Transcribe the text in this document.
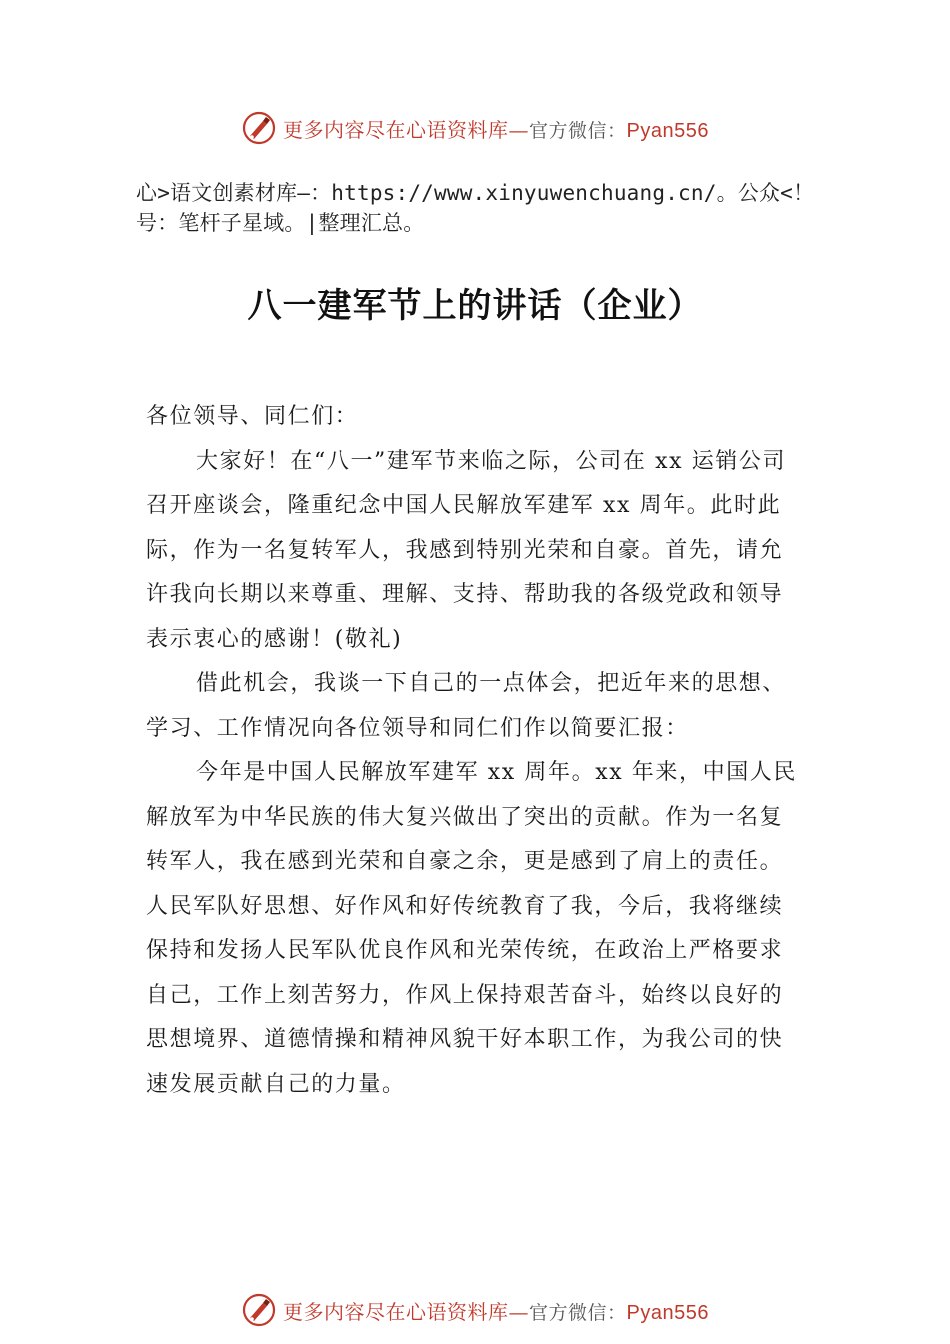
更多内容尽在心语资料库—官方微信：Pyan556
心>语文创素材库—：https://www.xinyuwenchuang.cn/。公众<！号：笔杆子星域。|整理汇总。
八一建军节上的讲话（企业）

各位领导、同仁们：

大家好！在“八一”建军节来临之际，公司在 xx 运销公司召开座谈会，隆重纪念中国人民解放军建军 xx 周年。此时此际，作为一名复转军人，我感到特别光荣和自豪。首先，请允许我向长期以来尊重、理解、支持、帮助我的各级党政和领导表示衷心的感谢！(敬礼)

借此机会，我谈一下自己的一点体会，把近年来的思想、学习、工作情况向各位领导和同仁们作以简要汇报：

今年是中国人民解放军建军 xx 周年。xx 年来，中国人民解放军为中华民族的伟大复兴做出了突出的贡献。作为一名复转军人，我在感到光荣和自豪之余，更是感到了肩上的责任。人民军队好思想、好作风和好传统教育了我，今后，我将继续保持和发扬人民军队优良作风和光荣传统，在政治上严格要求自己，工作上刻苦努力，作风上保持艰苦奋斗，始终以良好的思想境界、道德情操和精神风貌干好本职工作，为我公司的快速发展贡献自己的力量。

更多内容尽在心语资料库—官方微信：Pyan556
